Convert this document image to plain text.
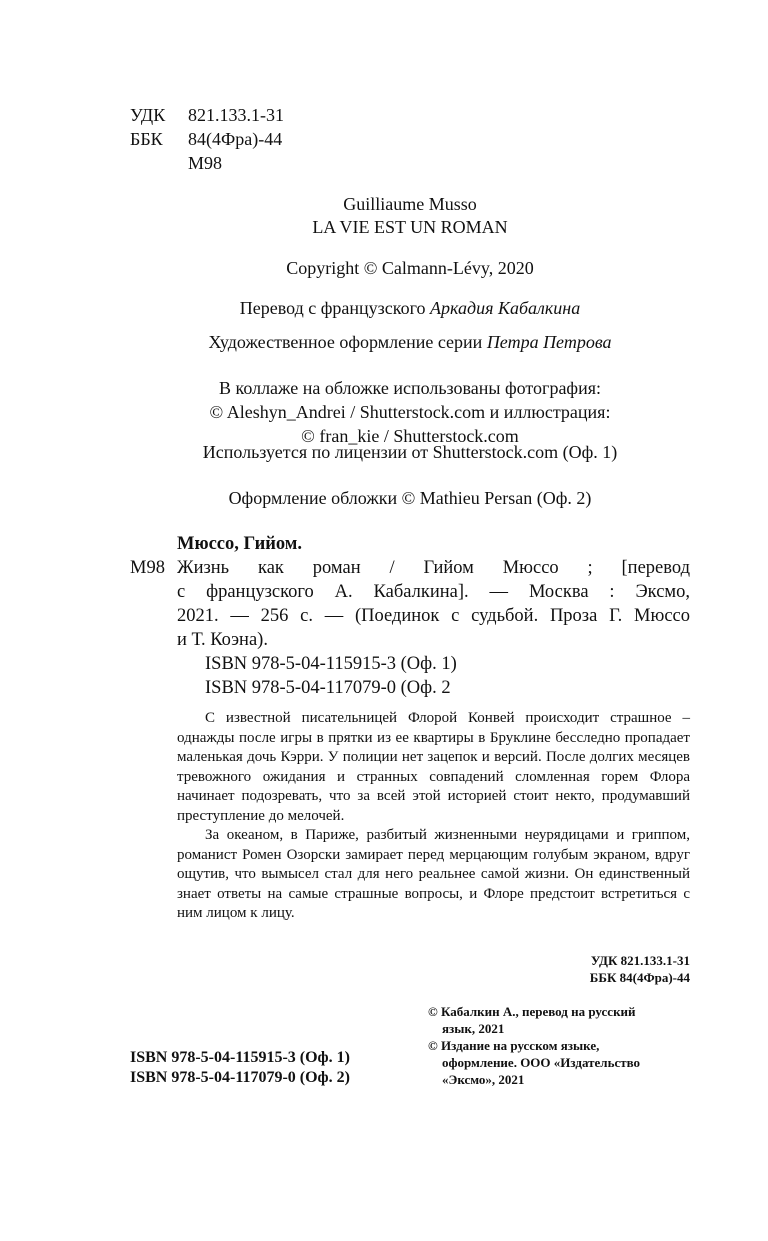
УДК 821.133.1-31
ББК 84(4Фра)-44
М98
Guilliaume Musso
LA VIE EST UN ROMAN
Copyright © Calmann-Lévy, 2020
Перевод с французского Аркадия Кабалкина
Художественное оформление серии Петра Петрова
В коллаже на обложке использованы фотография:
© Aleshyn_Andrei / Shutterstock.com и иллюстрация:
© fran_kie / Shutterstock.com
Используется по лицензии от Shutterstock.com (Оф. 1)
Оформление обложки © Mathieu Persan (Оф. 2)
Мюссо, Гийом.
М98 Жизнь как роман / Гийом Мюссо ; [перевод
с французского А. Кабалкина]. — Москва : Эксмо,
2021. — 256 с. — (Поединок с судьбой. Проза Г. Мюссо
и Т. Коэна).
ISBN 978-5-04-115915-3 (Оф. 1)
ISBN 978-5-04-117079-0 (Оф. 2

С известной писательницей Флорой Конвей происходит страшное – однажды после игры в прятки из ее квартиры в Бруклине бесследно пропадает маленькая дочь Кэрри. У полиции нет зацепок и версий. После долгих месяцев тревожного ожидания и странных совпадений сломленная горем Флора начинает подозревать, что за всей этой историей стоит некто, продумавший преступление до мелочей.

За океаном, в Париже, разбитый жизненными неурядицами и гриппом, романист Ромен Озорски замирает перед мерцающим голубым экраном, вдруг ощутив, что вымысел стал для него реальнее самой жизни. Он единственный знает ответы на самые страшные вопросы, и Флоре предстоит встретиться с ним лицом к лицу.

УДК 821.133.1-31
ББК 84(4Фра)-44
ISBN 978-5-04-115915-3 (Оф. 1)
ISBN 978-5-04-117079-0 (Оф. 2)
© Кабалкин А., перевод на русский
язык, 2021
© Издание на русском языке,
оформление. ООО «Издательство
«Эксмо», 2021
